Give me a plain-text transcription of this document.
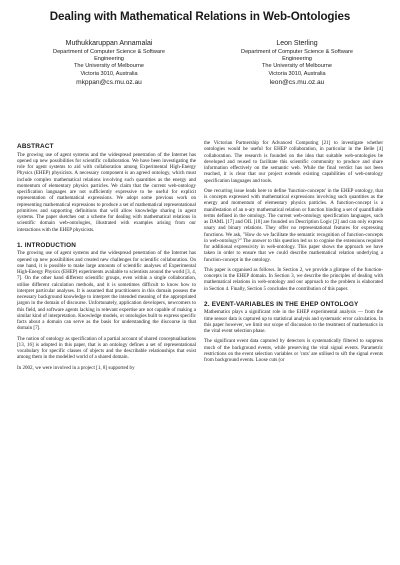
Dealing with Mathematical Relations in Web-Ontologies
Muthukkaruppan Annamalai
Department of Computer Science & Software
Engineering
The University of Melbourne
Victoria 3010, Australia
mkppan@cs.mu.oz.au
Leon Sterling
Department of Computer Science & Software
Engineering
The University of Melbourne
Victoria 3010, Australia
leon@cs.mu.oz.au
ABSTRACT

The growing use of agent systems and the widespread penetration of the Internet has opened up new possibilities for scientific collaboration. We have been investigating the role for agent systems to aid with collaboration among Experimental High-Energy Physics (EHEP) physicists. A necessary component is an agreed ontology, which must include complex mathematical relations involving such quantities as the energy and momentum of elementary physics particles. We claim that the current web-ontology specification languages are not sufficiently expressive to be useful for explicit representation of mathematical expressions. We adopt some previous work on representing mathematical expressions to produce a set of mathematical representational primitives and supporting definitions that will allow knowledge sharing in agent systems. The paper sketches out a scheme for dealing with mathematical relations in scientific domain web-ontologies, illustrated with examples arising from our interactions with the EHEP physicists.

1. INTRODUCTION

The growing use of agent systems and the widespread penetration of the Internet has opened up new possibilities and created new challenges for scientific collaboration. On one hand, it is possible to make large amounts of scientific analyses of Experimental High-Energy Physics (EHEP) experiments available to scientists around the world [3, 4, 7]. On the other hand different scientific groups, even within a single collaboration, utilise different calculation methods, and it is sometimes difficult to know how to interpret particular analyses. It is assumed that practitioners in this domain possess the necessary background knowledge to interpret the intended meaning of the appropriated jargon in the domain of discourse. Unfortunately, application developers, newcomers to this field, and software agents lacking in relevant expertise are not capable of making a similar kind of interpretation. Knowledge models, or ontologies built to express specific facts about a domain can serve as the basis for understanding the discourse in that domain [7].

The notion of ontology as specification of a partial account of shared conceptualisations [13, 16] is adopted in this paper, that is an ontology defines a set of representational vocabulary for specific classes of objects and the describable relationships that exist among them in the modelled world of a shared domain.

In 2002, we were involved in a project [1, 8] supported by

the Victorian Partnership for Advanced Computing [21] to investigate whether ontologies would be useful for EHEP collaboration, in particular in the Belle [4] collaboration. The research is founded on the idea that suitable web-ontologies be developed and reused to facilitate this scientific community to produce and share information effectively on the semantic web. While the final verdict has not been reached, it is clear that our project extends existing capabilities of web-ontology specification languages and tools.

One recurring issue leads here to define 'function-concepts' in the EHEP ontology, that is concepts expressed with mathematical expressions involving such quantities as the energy and momentum of elementary physics particles. A function-concept is a manifestation of an n-ary mathematical relation or function binding a set of quantifiable terms defined in the ontology. The current web-ontology specification languages, such as DAML [17] and OIL [10] are founded on Description Logic [2] and can only express unary and binary relations. They offer no representational features for expressing functions. We ask, "How do we facilitate the semantic recognition of function-concepts in web-ontology?" The answer to this question led us to cognise the extensions required for additional expressivity in web-ontology. This paper shows the approach we have taken in order to ensure that we could describe mathematical relation underlying a function-concept in the ontology.

This paper is organised as follows. In Section 2, we provide a glimpse of the function-concepts in the EHEP domain. In Section 3, we describe the principles of dealing with mathematical relations in web-ontology and our approach to the problem is elaborated in Section 4. Finally, Section 5 concludes the contribution of this paper.

2. EVENT-VARIABLES IN THE EHEP ONTOLOGY

Mathematics plays a significant role in the EHEP experimental analysis — from the time sensor data is captured up to statistical analysis and systematic error calculation. In this paper however, we limit our scope of discussion to the treatment of mathematics in the vital event selection phase.

The significant event data captured by detectors is systematically filtered to suppress much of the background events, while preserving the vital signal events. Parametric restrictions on the event selection variables or 'cuts' are utilised to sift the signal events from background events. Loose cuts (or
